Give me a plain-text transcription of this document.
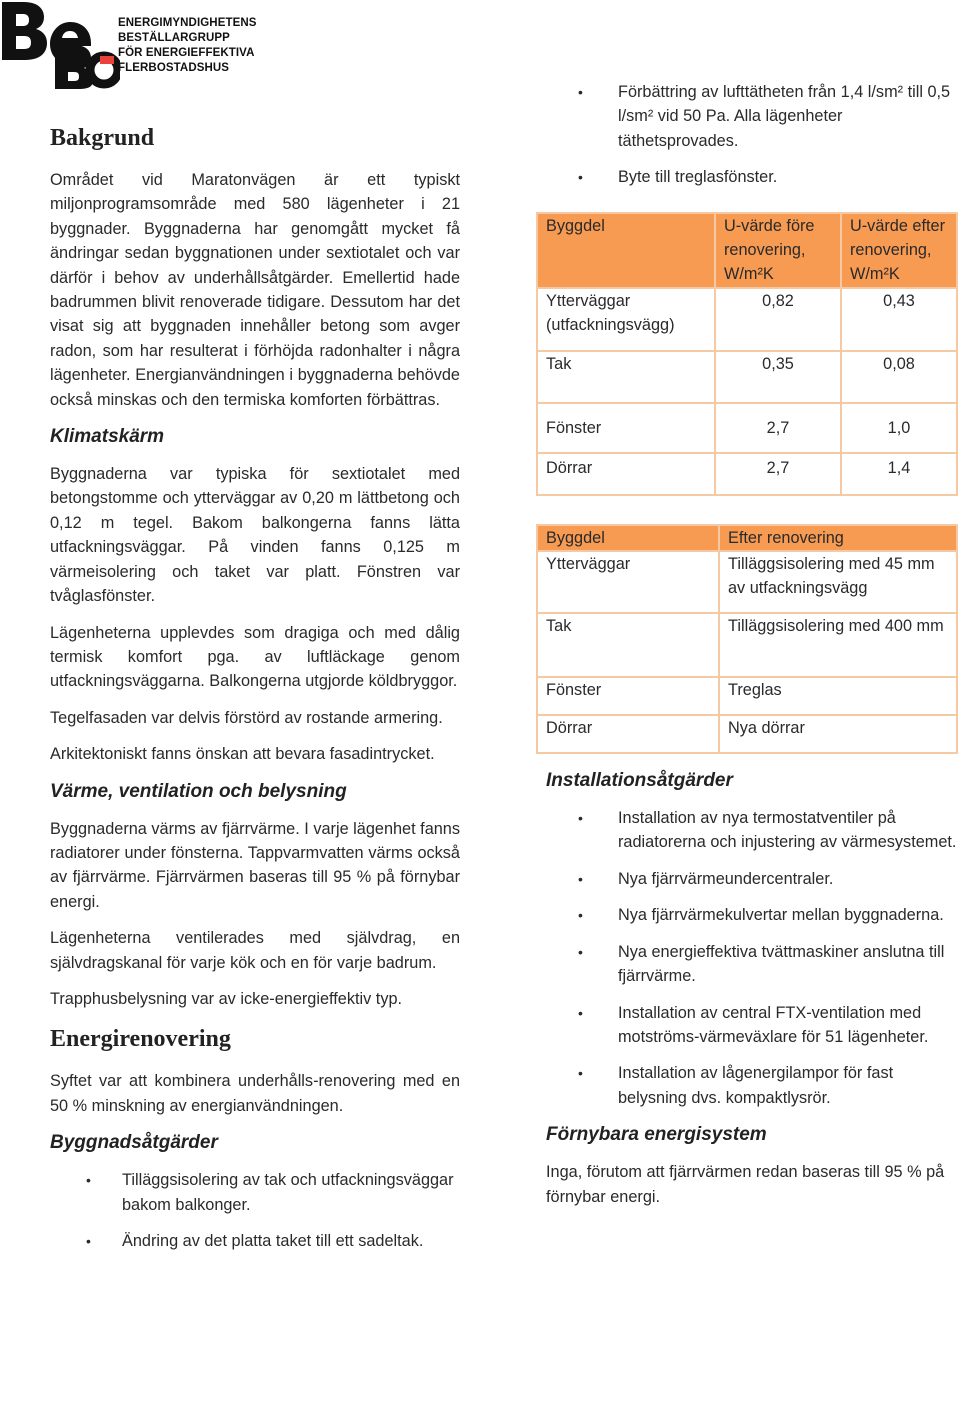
ENERGIMYNDIGHETENS BESTÄLLARGRUPP
FÖR ENERGIEFFEKTIVA FLERBOSTADSHUS
Bakgrund

Området vid Maratonvägen är ett typiskt miljonprogramsområde med 580 lägenheter i 21 byggnader. Byggnaderna har genomgått mycket få ändringar sedan byggnationen under sextiotalet och var därför i behov av underhållsåtgärder. Emellertid hade badrummen blivit renoverade tidigare. Dessutom har det visat sig att byggnaden innehåller betong som avger radon, som har resulterat i förhöjda radonhalter i några lägenheter. Energianvändningen i byggnaderna behövde också minskas och den termiska komforten förbättras.

Klimatskärm

Byggnaderna var typiska för sextiotalet med betongstomme och ytterväggar av 0,20 m lättbetong och 0,12 m tegel. Bakom balkongerna fanns lätta utfackningsväggar. På vinden fanns 0,125 m värmeisolering och taket var platt. Fönstren var tvåglasfönster.

Lägenheterna upplevdes som dragiga och med dålig termisk komfort pga. av luftläckage genom utfackningsväggarna. Balkongerna utgjorde köldbryggor.

Tegelfasaden var delvis förstörd av rostande armering.

Arkitektoniskt fanns önskan att bevara fasadintrycket.

Värme, ventilation och belysning

Byggnaderna värms av fjärrvärme. I varje lägenhet fanns radiatorer under fönsterna. Tappvarmvatten värms också av fjärrvärme. Fjärrvärmen baseras till 95 % på förnybar energi.

Lägenheterna ventilerades med självdrag, en självdragskanal för varje kök och en för varje badrum.

Trapphusbelysning var av icke-energieffektiv typ.

Energirenovering

Syftet var att kombinera underhålls-renovering med en 50 % minskning av energianvändningen.

Byggnadsåtgärder
• Tilläggsisolering av tak och utfackningsväggar bakom balkonger.
• Ändring av det platta taket till ett sadeltak.
• Förbättring av lufttätheten från 1,4 l/sm² till 0,5 l/sm² vid 50 Pa. Alla lägenheter täthetsprovades.
• Byte till treglasfönster.
Byggdel	U-värde före renovering, W/m²K	U-värde efter renovering, W/m²K
Ytterväggar (utfackningsvägg)	0,82	0,43
Tak	0,35	0,08
Fönster	2,7	1,0
Dörrar	2,7	1,4
Byggdel	Efter renovering
Ytterväggar	Tilläggsisolering med 45 mm av utfackningsvägg
Tak	Tilläggsisolering med 400 mm
Fönster	Treglas
Dörrar	Nya dörrar
Installationsåtgärder
• Installation av nya termostatventiler på radiatorerna och injustering av värmesystemet.
• Nya fjärrvärmeundercentraler.
• Nya fjärrvärmekulvertar mellan byggnaderna.
• Nya energieffektiva tvättmaskiner anslutna till fjärrvärme.
• Installation av central FTX-ventilation med motströms-värmeväxlare för 51 lägenheter.
• Installation av lågenergilampor för fast belysning dvs. kompaktlysrör.
Förnybara energisystem

Inga, förutom att fjärrvärmen redan baseras till 95 % på förnybar energi.
